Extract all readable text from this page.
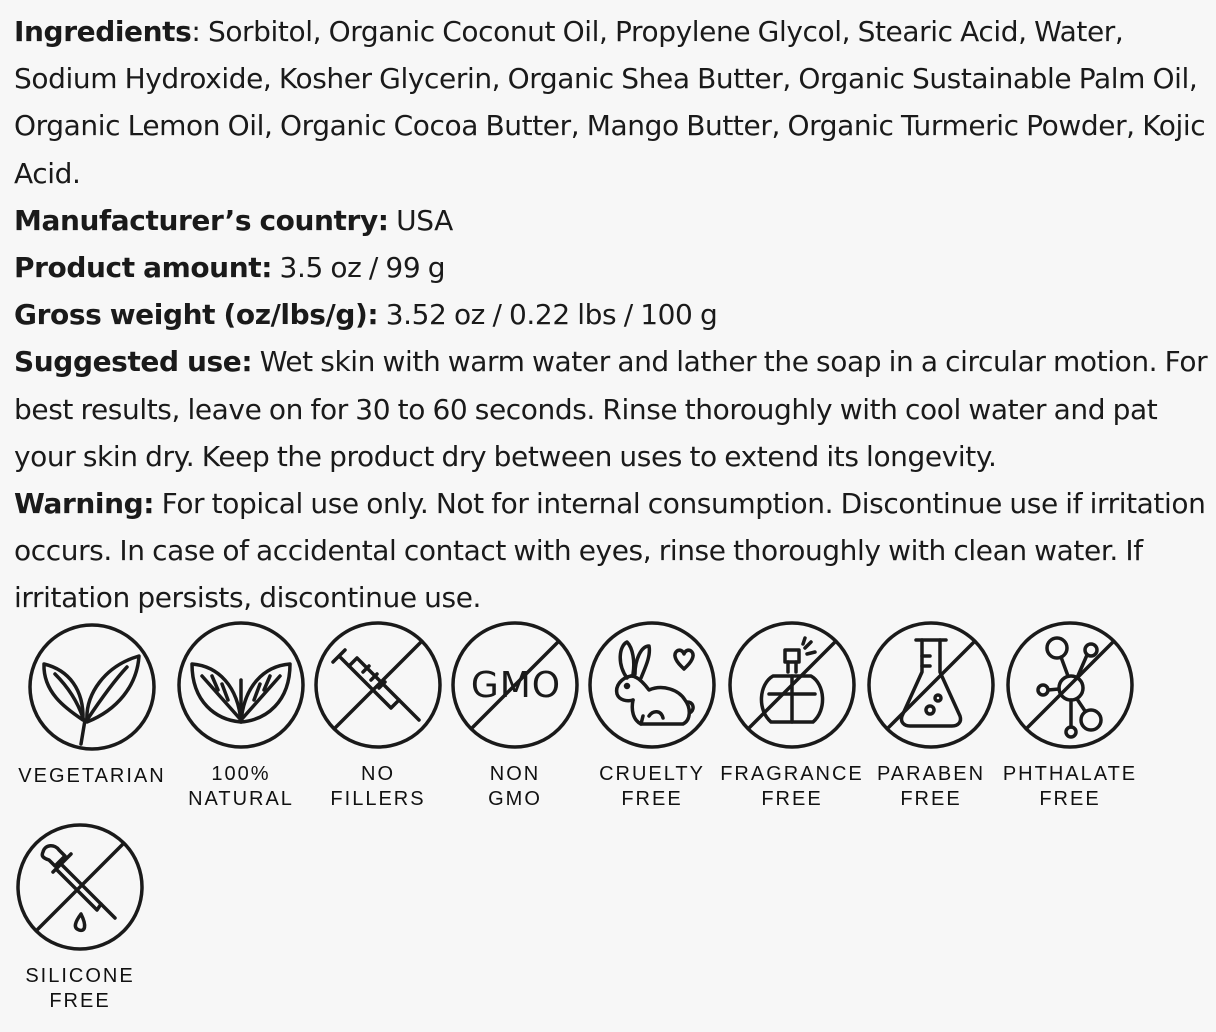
Ingredients: Sorbitol, Organic Coconut Oil, Propylene Glycol, Stearic Acid, Water, Sodium Hydroxide, Kosher Glycerin, Organic Shea Butter, Organic Sustainable Palm Oil, Organic Lemon Oil, Organic Cocoa Butter, Mango Butter, Organic Turmeric Powder, Kojic Acid.

Manufacturer’s country: USA

Product amount: 3.5 oz / 99 g

Gross weight (oz/lbs/g): 3.52 oz / 0.22 lbs / 100 g

Suggested use: Wet skin with warm water and lather the soap in a circular motion. For best results, leave on for 30 to 60 seconds. Rinse thoroughly with cool water and pat your skin dry. Keep the product dry between uses to extend its longevity.

Warning: For topical use only. Not for internal consumption. Discontinue use if irritation occurs. In case of accidental contact with eyes, rinse thoroughly with clean water. If irritation persists, discontinue use.

VEGETARIAN	100%
NATURAL
NO
FILLERS
GMO
NON
GMO
CRUELTY
FREE
FRAGRANCE
FREE
PARABEN
FREE
PHTHALATE
FREE
SILICONE
FREE
